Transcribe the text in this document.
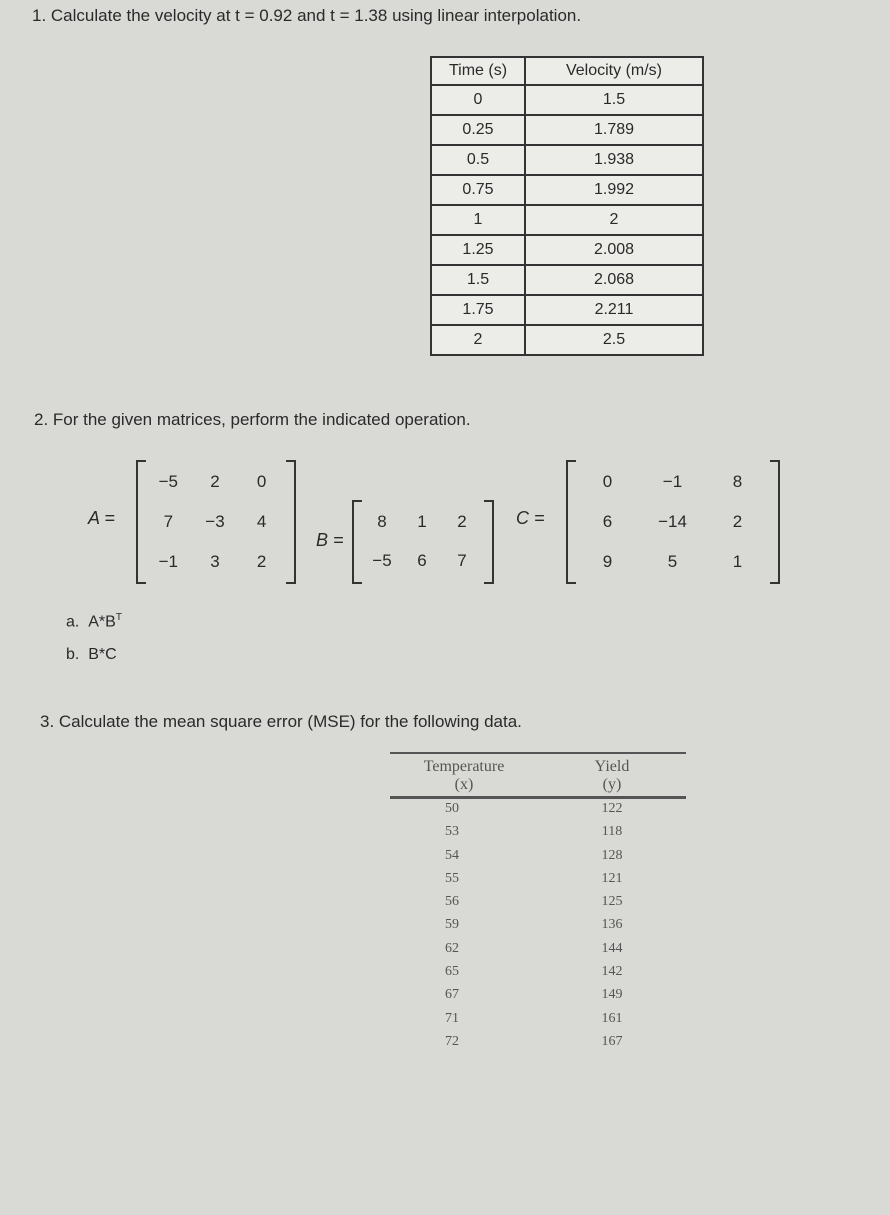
1. Calculate the velocity at t = 0.92 and t = 1.38 using linear interpolation.
Time (s)	Velocity (m/s)
0	1.5
0.25	1.789
0.5	1.938
0.75	1.992
1	2
1.25	2.008
1.5	2.068
1.75	2.211
2	2.5
2. For the given matrices, perform the indicated operation.
A =
−5 2 0
7 −3 4
−1 3 2
B =
8 1 2
−5 6 7
C =
0	−1	8
6	−14	2
9	5	1
a. $A*B^T$
b. B*C
3. Calculate the mean square error (MSE) for the following data.
Temperature
(x)
Yield
(y)
50	122
53	118
54	128
55	121
56	125
59	136
62	144
65	142
67	149
71	161
72	167
